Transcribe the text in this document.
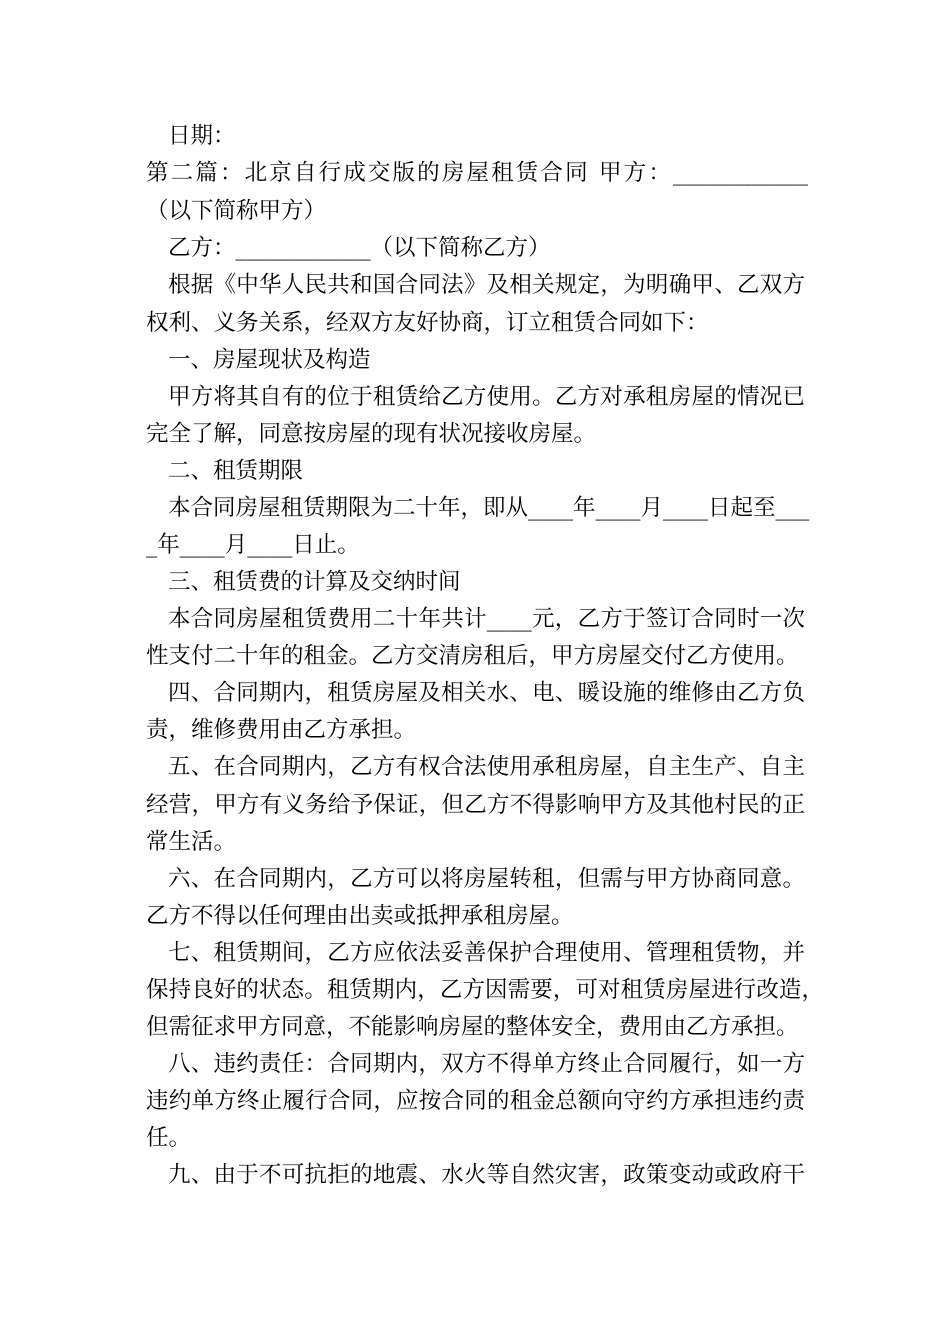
日期：

第二篇：北京自行成交版的房屋租赁合同 甲方：____________

（以下简称甲方）

乙方：____________（以下简称乙方）

根据《中华人民共和国合同法》及相关规定，为明确甲、乙双方

权利、义务关系，经双方友好协商，订立租赁合同如下：

一、房屋现状及构造

甲方将其自有的位于租赁给乙方使用。乙方对承租房屋的情况已

完全了解，同意按房屋的现有状况接收房屋。

二、租赁期限

本合同房屋租赁期限为二十年，即从____年____月____日起至___

_年____月____日止。

三、租赁费的计算及交纳时间

本合同房屋租赁费用二十年共计____元，乙方于签订合同时一次

性支付二十年的租金。乙方交清房租后，甲方房屋交付乙方使用。

四、合同期内，租赁房屋及相关水、电、暖设施的维修由乙方负

责，维修费用由乙方承担。

五、在合同期内，乙方有权合法使用承租房屋，自主生产、自主

经营，甲方有义务给予保证，但乙方不得影响甲方及其他村民的正

常生活。

六、在合同期内，乙方可以将房屋转租，但需与甲方协商同意。

乙方不得以任何理由出卖或抵押承租房屋。

七、租赁期间，乙方应依法妥善保护合理使用、管理租赁物，并

保持良好的状态。租赁期内，乙方因需要，可对租赁房屋进行改造，

但需征求甲方同意，不能影响房屋的整体安全，费用由乙方承担。

八、违约责任：合同期内，双方不得单方终止合同履行，如一方

违约单方终止履行合同，应按合同的租金总额向守约方承担违约责

任。

九、由于不可抗拒的地震、水火等自然灾害，政策变动或政府干
